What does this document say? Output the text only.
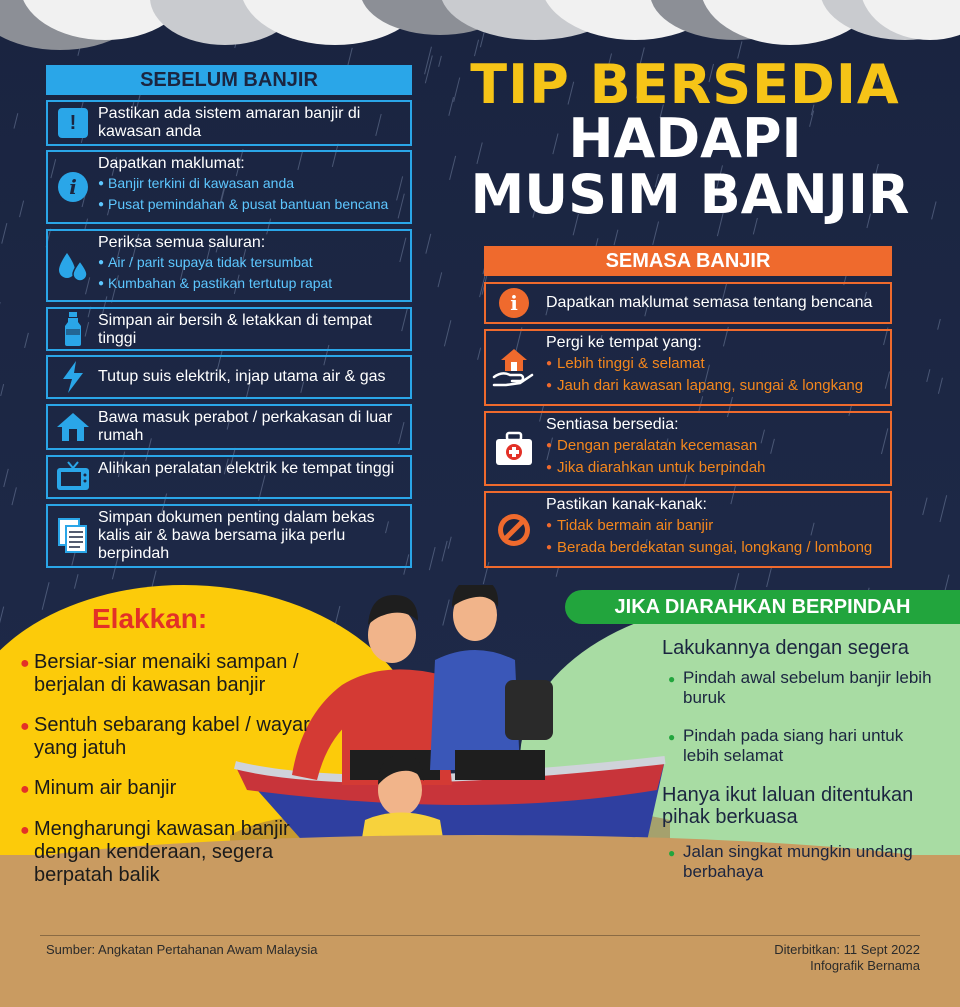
TIP BERSEDIA
HADAPI
MUSIM BANJIR
SEBELUM BANJIR
!	Pastikan ada sistem amaran banjir di kawasan anda
i
Dapatkan maklumat:
● Banjir terkini di kawasan anda
● Pusat pemindahan & pusat bantuan bencana
Periksa semua saluran:
● Air / parit supaya tidak tersumbat
● Kumbahan & pastikan tertutup rapat
Simpan air bersih & letakkan di tempat tinggi
Tutup suis elektrik, injap utama air & gas
Bawa masuk perabot / perkakasan di luar rumah
Alihkan peralatan elektrik ke tempat tinggi
Simpan dokumen penting dalam bekas kalis air & bawa bersama jika perlu berpindah
SEMASA BANJIR
i	Dapatkan maklumat semasa tentang bencana
Pergi ke tempat yang:
● Lebih tinggi & selamat
● Jauh dari kawasan lapang, sungai & longkang
Sentiasa bersedia:
● Dengan peralatan kecemasan
● Jika diarahkan untuk berpindah
Pastikan kanak-kanak:
● Tidak bermain air banjir
● Berada berdekatan sungai, longkang / lombong
JIKA DIARAHKAN BERPINDAH
Elakkan:
● Bersiar-siar menaiki sampan / berjalan di kawasan banjir
● Sentuh sebarang kabel / wayar yang jatuh
● Minum air banjir
● Mengharungi kawasan banjir dengan kenderaan, segera berpatah balik
Lakukannya dengan segera
● Pindah awal sebelum banjir lebih buruk
● Pindah pada siang hari untuk lebih selamat
Hanya ikut laluan ditentukan pihak berkuasa
● Jalan singkat mungkin undang berbahaya
Sumber: Angkatan Pertahanan Awam Malaysia	Diterbitkan: 11 Sept 2022
Infografik Bernama
